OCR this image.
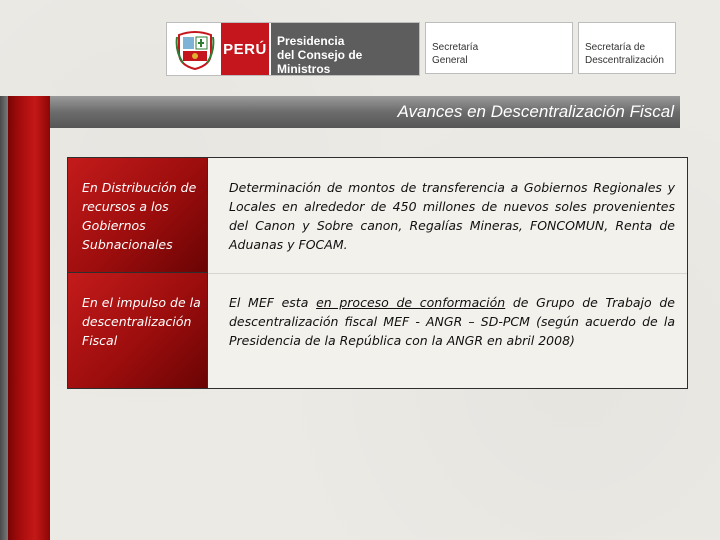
PERÚ Presidencia
del Consejo de Ministros
Secretaría
General
Secretaría de
Descentralización
Avances en Descentralización Fiscal
En Distribución de recursos a los Gobiernos Subnacionales
Determinación de montos de transferencia a Gobiernos Regionales y Locales en alrededor de 450 millones de nuevos soles provenientes del Canon y Sobre canon, Regalías Mineras, FONCOMUN, Renta de Aduanas y FOCAM.
En el impulso de la descentralización Fiscal
El MEF esta en proceso de conformación de Grupo de Trabajo de descentralización fiscal MEF - ANGR – SD-PCM (según acuerdo de la Presidencia de la República con la ANGR en abril 2008)
